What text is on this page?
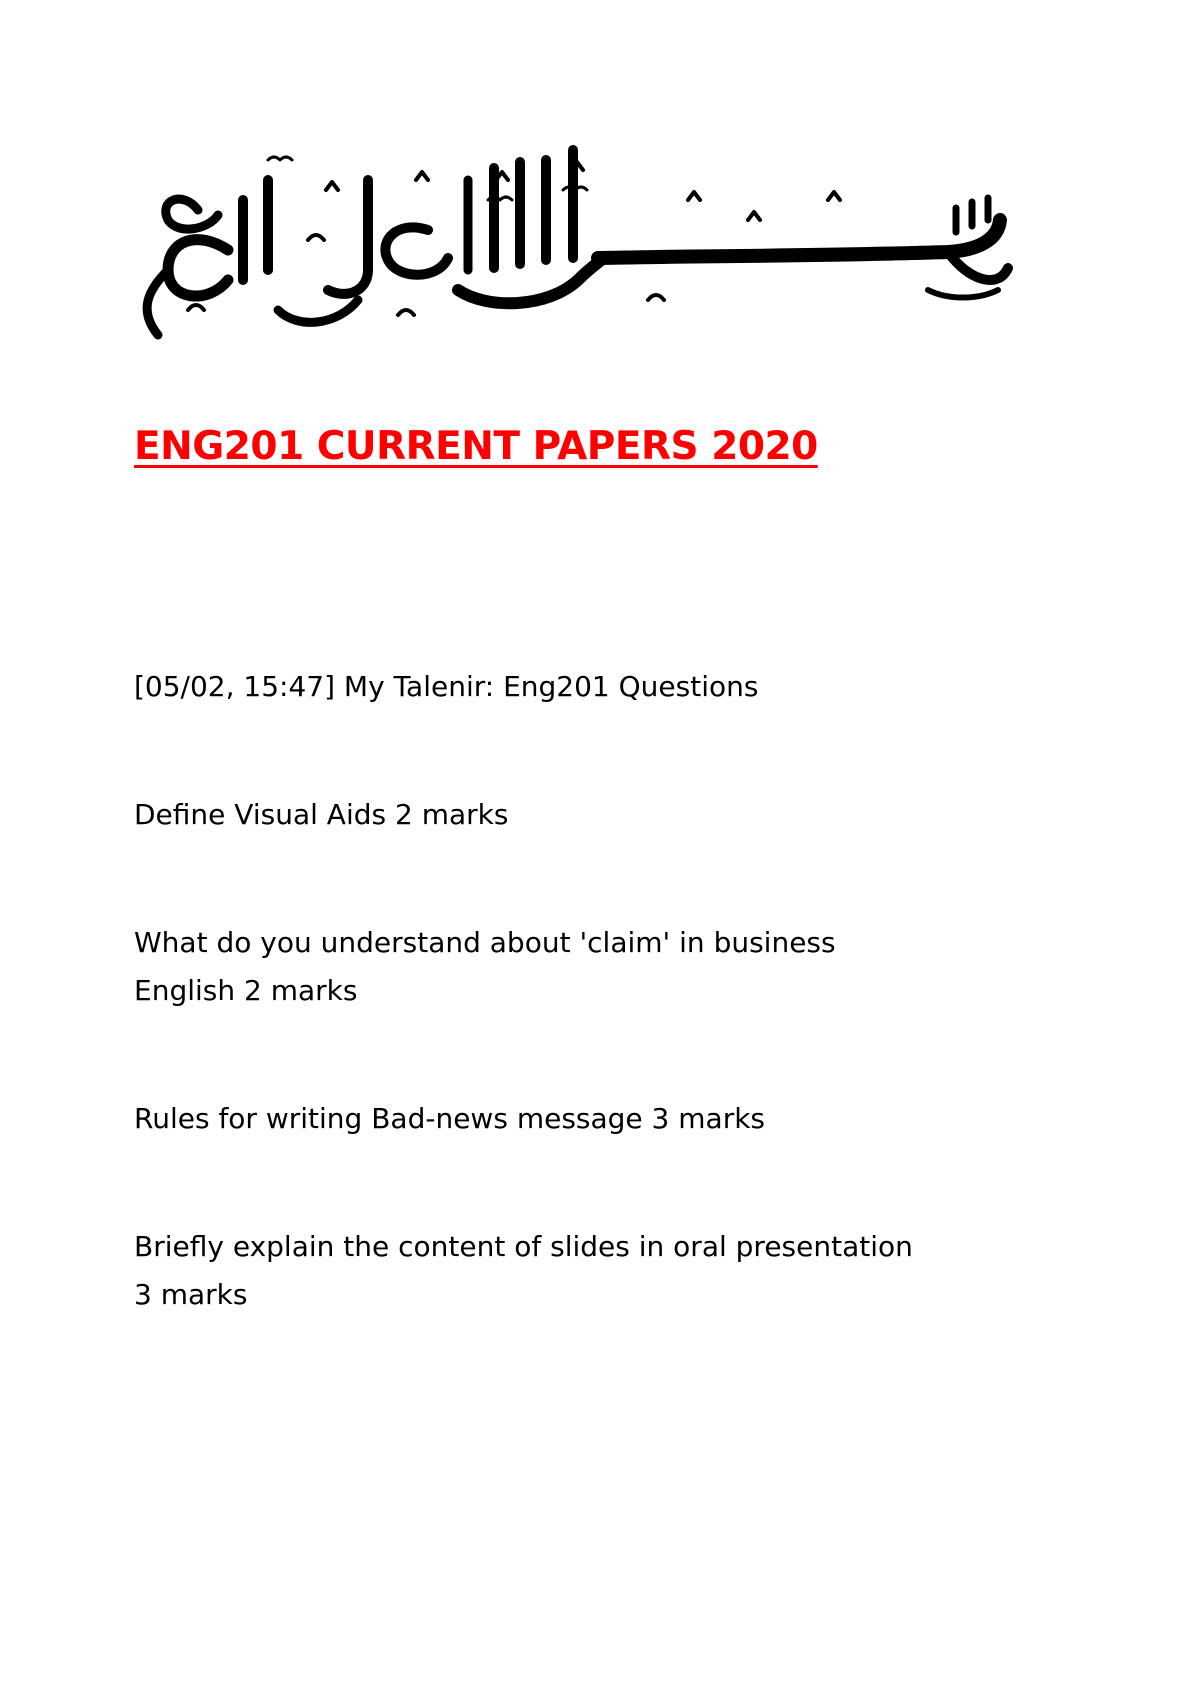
ENG201 CURRENT PAPERS 2020
[05/02, 15:47] My Talenir: Eng201 Questions
Define Visual Aids 2 marks
What do you understand about 'claim' in business
English 2 marks
Rules for writing Bad-news message 3 marks
Briefly explain the content of slides in oral presentation
3 marks
